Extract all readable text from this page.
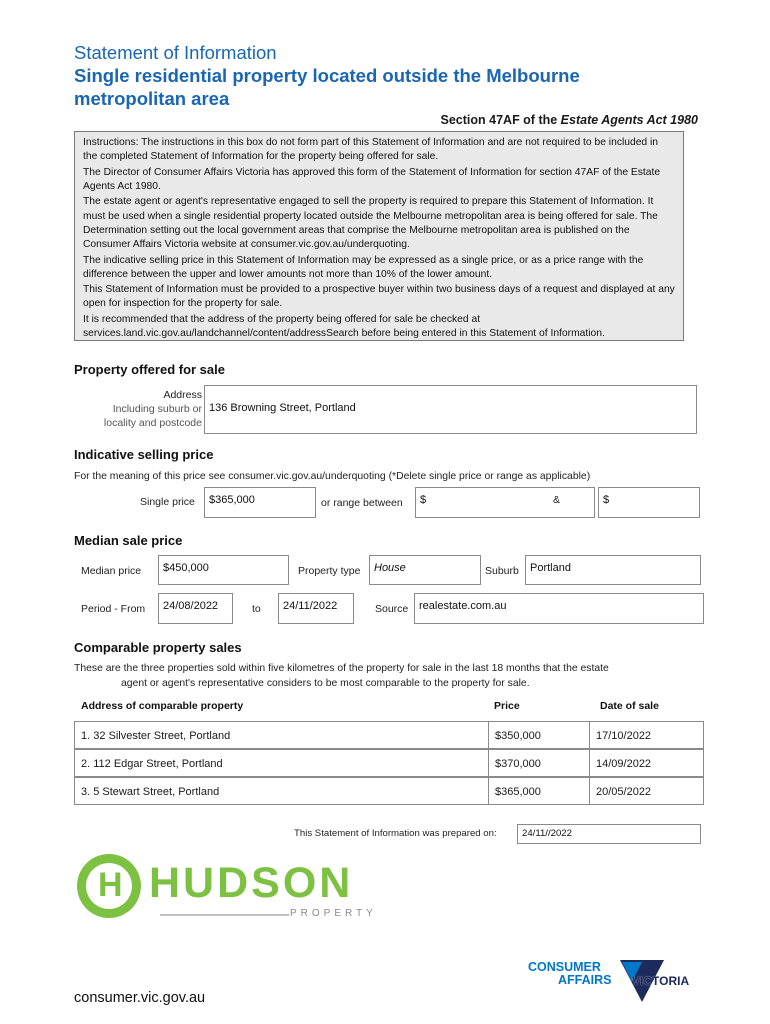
Statement of Information
Single residential property located outside the Melbourne metropolitan area
Section 47AF of the Estate Agents Act 1980

Instructions: The instructions in this box do not form part of this Statement of Information and are not required to be included in the completed Statement of Information for the property being offered for sale.

The Director of Consumer Affairs Victoria has approved this form of the Statement of Information for section 47AF of the Estate Agents Act 1980.

The estate agent or agent's representative engaged to sell the property is required to prepare this Statement of Information. It must be used when a single residential property located outside the Melbourne metropolitan area is being offered for sale. The Determination setting out the local government areas that comprise the Melbourne metropolitan area is published on the Consumer Affairs Victoria website at consumer.vic.gov.au/underquoting.

The indicative selling price in this Statement of Information may be expressed as a single price, or as a price range with the difference between the upper and lower amounts not more than 10% of the lower amount.

This Statement of Information must be provided to a prospective buyer within two business days of a request and displayed at any open for inspection for the property for sale.

It is recommended that the address of the property being offered for sale be checked at services.land.vic.gov.au/landchannel/content/addressSearch before being entered in this Statement of Information.

Property offered for sale
Address
Including suburb or
locality and postcode
136 Browning Street, Portland
Indicative selling price
For the meaning of this price see consumer.vic.gov.au/underquoting (*Delete single price or range as applicable)
Single price	$365,000	or range between	$	&	$
Median sale price
Median price	$450,000	Property type	House	Suburb	Portland
Period - From	24/08/2022	to	24/11/2022	Source realestate.com.au
Comparable property sales
These are the three properties sold within five kilometres of the property for sale in the last 18 months that the estate
agent or agent's representative considers to be most comparable to the property for sale.
Address of comparable property	Price	Date of sale
1. 32 Silvester Street, Portland	$350,000	17/10/2022
2. 112 Edgar Street, Portland	$370,000	14/09/2022
3. 5 Stewart Street, Portland	$365,000	20/05/2022
This Statement of Information was prepared on:	24/11//2022
H HUDSON
PROPERTY
CONSUMER
AFFAIRS VICTORIA
consumer.vic.gov.au
